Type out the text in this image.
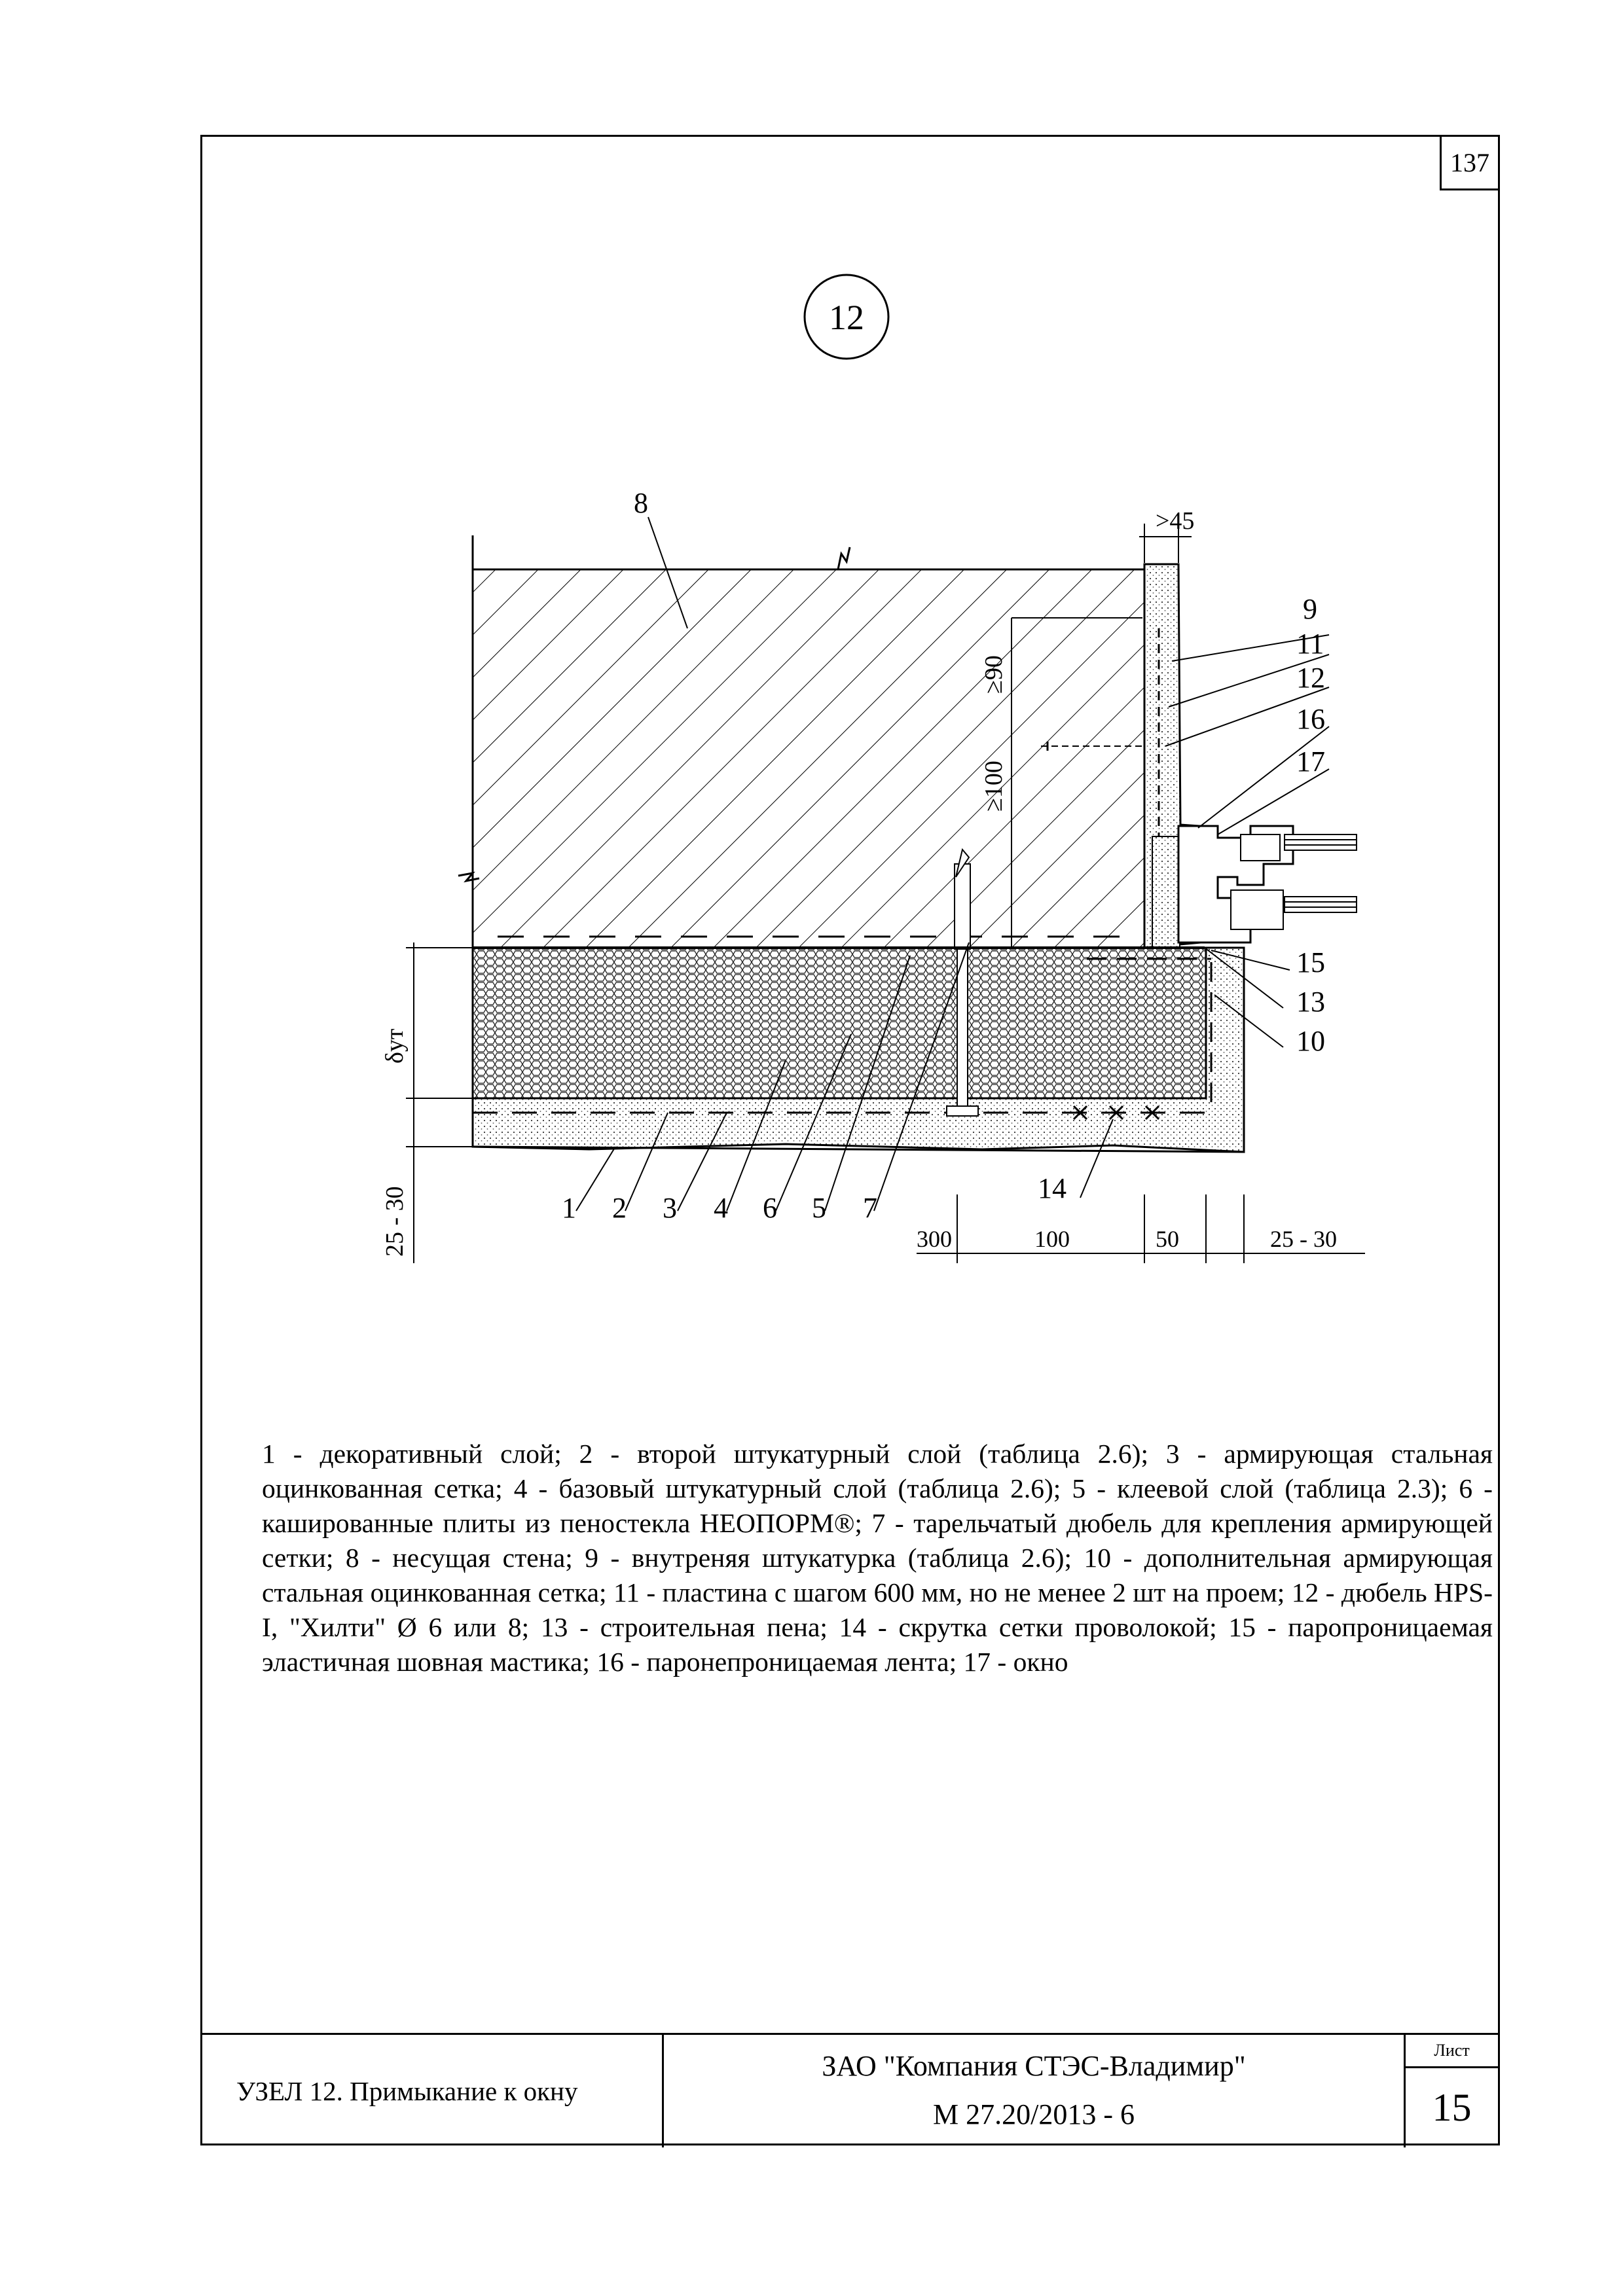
137
12
>45
≥90
≥100
δут
25 - 30	300	100	50	25 - 30
8
9
11
12
16
17
15
13
10
14
1 2 3 4 6 5 7
1 - декоративный слой; 2 - второй штукатурный слой (таблица 2.6); 3 - армирующая стальная оцинкованная сетка; 4 - базовый штукатурный слой (таблица 2.6); 5 - клеевой слой (таблица 2.3); 6 - кашированные плиты из пеностекла НЕОПОРМ®; 7 - тарельчатый дюбель для крепления армирующей сетки; 8 - несущая стена; 9 - внутреняя штукатурка (таблица 2.6); 10 - дополнительная армирующая стальная оцинкованная сетка; 11 - пластина с шагом 600 мм, но не менее 2 шт на проем; 12 - дюбель HPS-I, "Хилти" Ø 6 или 8; 13 - строительная пена; 14 - скрутка сетки проволокой; 15 - паропроницаемая эластичная шовная мастика; 16 - паронепроницаемая лента; 17 - окно
УЗЕЛ 12. Примыкание к окну
ЗАО "Компания СТЭС-Владимир"
М 27.20/2013 - 6
Лист
15
